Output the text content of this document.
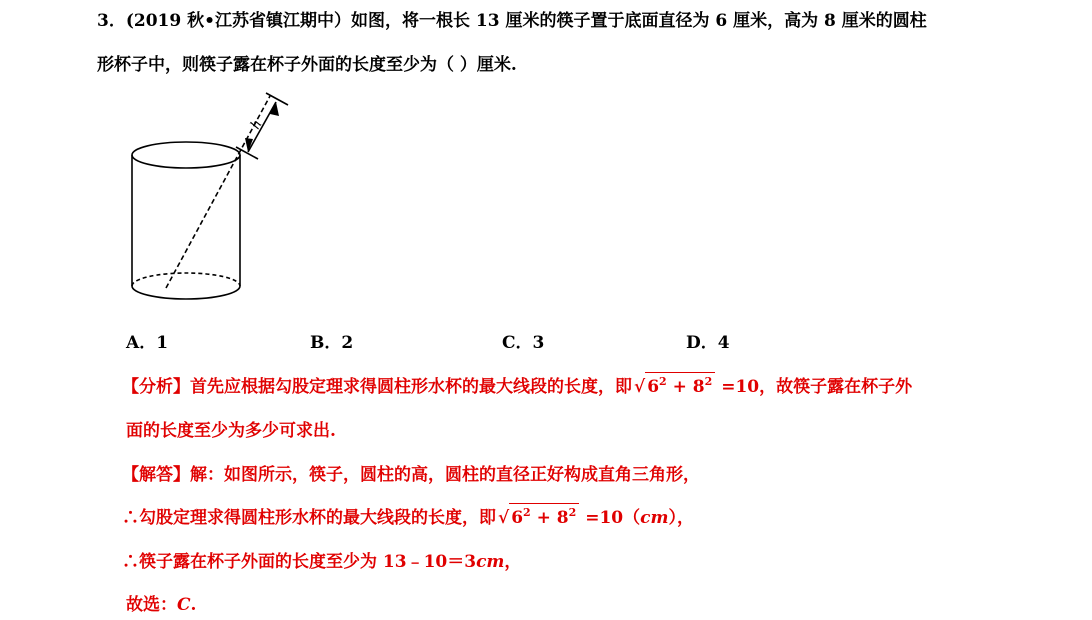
3．(2019 秋•江苏省镇江期中）如图，将一根长 13 厘米的筷子置于底面直径为 6 厘米，高为 8 厘米的圆柱
形杯子中，则筷子露在杯子外面的长度至少为（ ）厘米.
h
A．1	B．2	C．3	D．4
【分析】首先应根据勾股定理求得圆柱形水杯的最大线段的长度，即 √ $6^2 + 8^2 =10$，故筷子露在杯子外
面的长度至少为多少可求出.
【解答】解：如图所示，筷子，圆柱的高，圆柱的直径正好构成直角三角形，
∴勾股定理求得圆柱形水杯的最大线段的长度，即 √ $6^2 + 8^2 =10(cm)$，
∴筷子露在杯子外面的长度至少为 13﹣10＝3cm，
故选：C.
